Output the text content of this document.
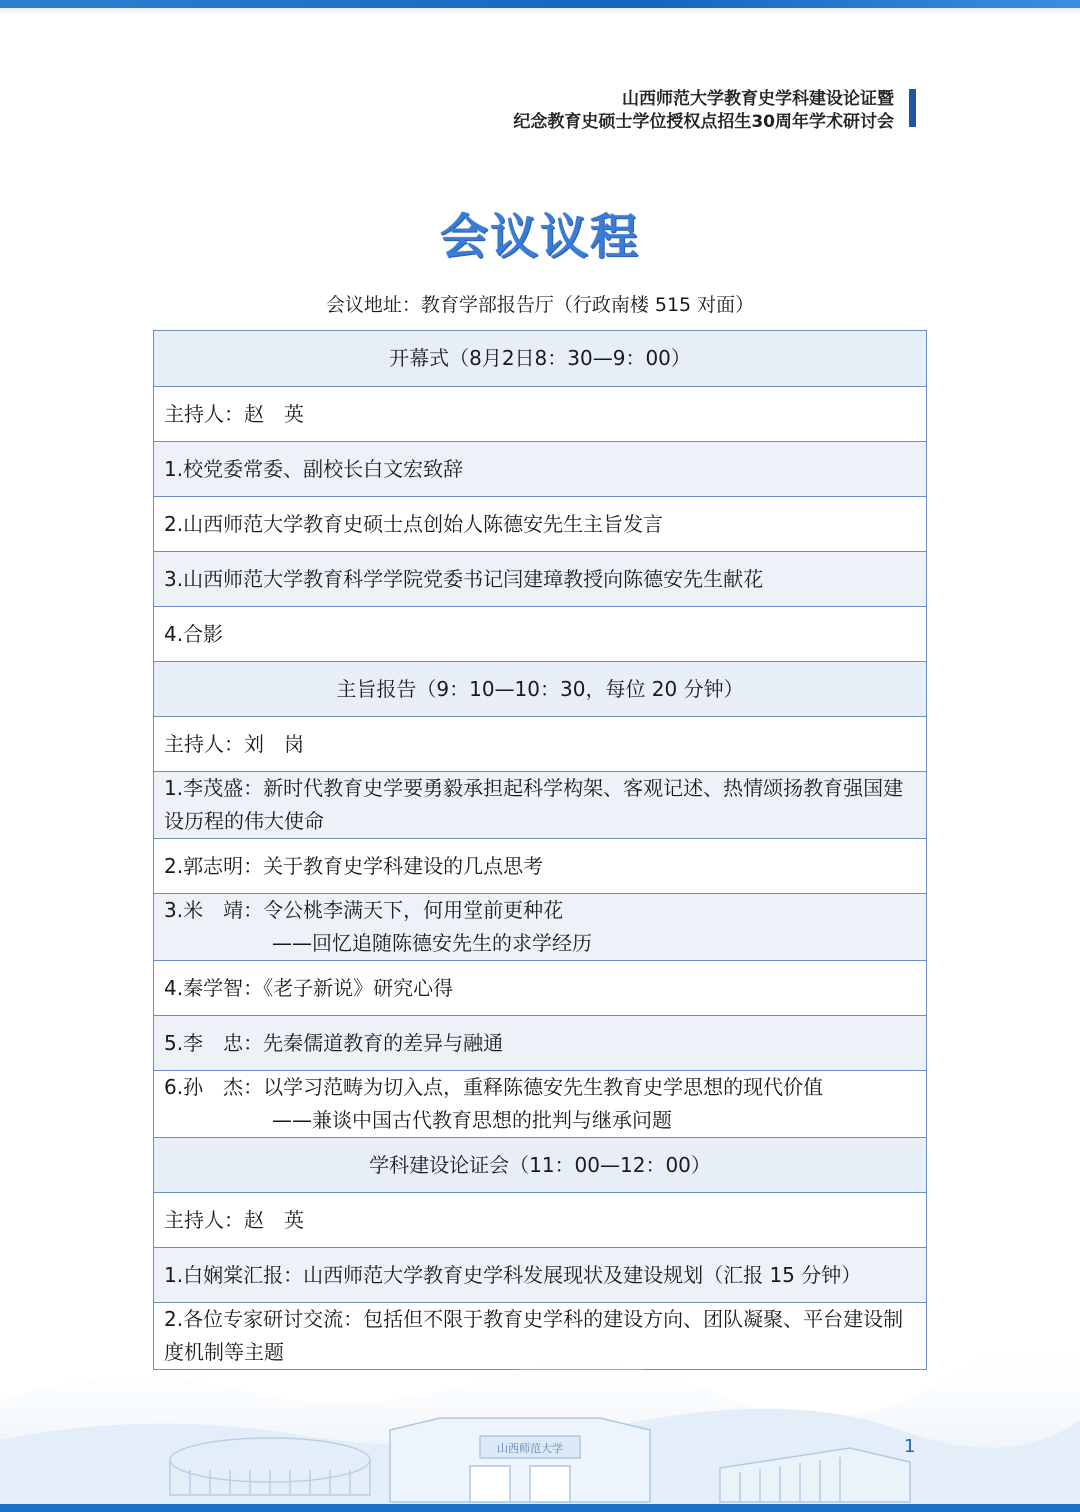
山西师范大学教育史学科建设论证暨
纪念教育史硕士学位授权点招生30周年学术研讨会
会议议程
会议地址：教育学部报告厅（行政南楼 515 对面）
开幕式（8月2日8：30—9：00）
主持人：赵　英
1.校党委常委、副校长白文宏致辞
2.山西师范大学教育史硕士点创始人陈德安先生主旨发言
3.山西师范大学教育科学学院党委书记闫建璋教授向陈德安先生献花
4.合影
主旨报告（9：10—10：30，每位 20 分钟）
主持人：刘　岗
1.李茂盛：新时代教育史学要勇毅承担起科学构架、客观记述、热情颂扬教育强国建设历程的伟大使命
2.郭志明：关于教育史学科建设的几点思考

3.米　靖：令公桃李满天下，何用堂前更种花
——回忆追随陈德安先生的求学经历

4.秦学智：《老子新说》研究心得
5.李　忠：先秦儒道教育的差异与融通

6.孙　杰：以学习范畴为切入点，重释陈德安先生教育史学思想的现代价值
——兼谈中国古代教育思想的批判与继承问题

学科建设论证会（11：00—12：00）
主持人：赵　英
1.白娴棠汇报：山西师范大学教育史学科发展现状及建设规划（汇报 15 分钟）
2.各位专家研讨交流：包括但不限于教育史学科的建设方向、团队凝聚、平台建设制度机制等主题
山西师范大学	1
